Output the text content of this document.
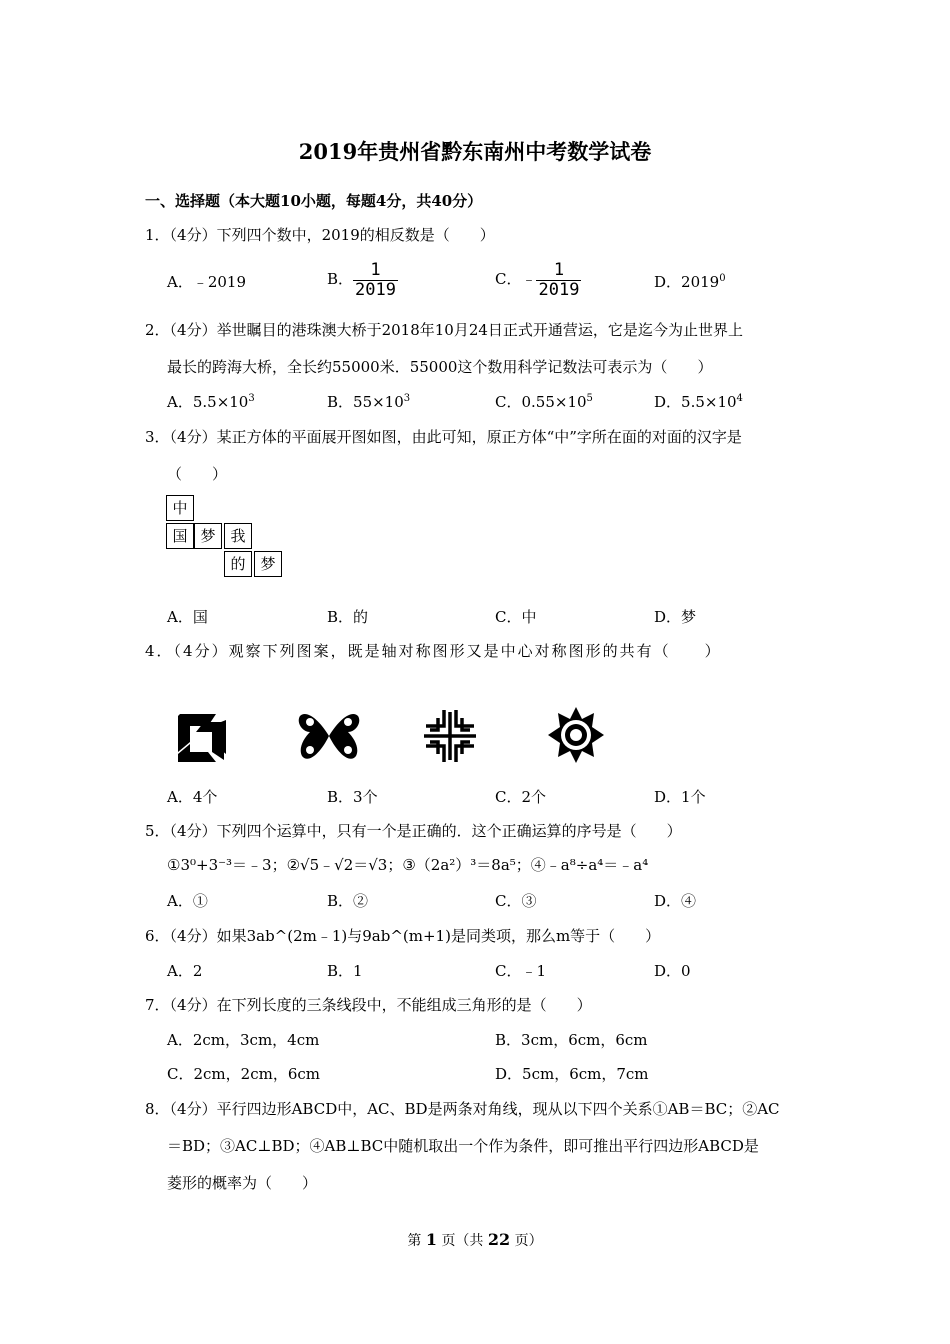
2019年贵州省黔东南州中考数学试卷
一、选择题（本大题10小题，每题4分，共40分）
1．（4分）下列四个数中，2019的相反数是（　　）
A．﹣2019	B． $\frac{1}{2019}$	C．﹣ $\frac{1}{2019}$	D．2019$^0$
2．（4分）举世瞩目的港珠澳大桥于2018年10月24日正式开通营运，它是迄今为止世界上
最长的跨海大桥，全长约55000米．55000这个数用科学记数法可表示为（　　）
A．$5.5\times 10^3$	B．$55\times 10^3$	C．$0.55\times 10^5$	D．$5.5\times 10^4$
3．（4分）某正方体的平面展开图如图，由此可知，原正方体“中”字所在面的对面的汉字是
（　　）
中
国 梦 我
的 梦
A．国	B．的	C．中	D．梦
4．（4分）观察下列图案，既是轴对称图形又是中心对称图形的共有（　　）
A．4个	B．3个	C．2个	D．1个
5．（4分）下列四个运算中，只有一个是正确的．这个正确运算的序号是（　　）
①3⁰+3⁻³＝﹣3；②√5﹣√2＝√3；③（2a²）³＝8a⁵；④﹣a⁸÷a⁴＝﹣a⁴
A．①	B．②	C．③	D．④
6．（4分）如果3ab^(2m﹣1)与9ab^(m+1)是同类项，那么m等于（　　）
A．2	B．1	C．﹣1	D．0
7．（4分）在下列长度的三条线段中，不能组成三角形的是（　　）
A．2cm，3cm，4cm	B．3cm，6cm，6cm
C．2cm，2cm，6cm	D．5cm，6cm，7cm
8．（4分）平行四边形ABCD中，AC、BD是两条对角线，现从以下四个关系①AB＝BC；②AC
＝BD；③AC⊥BD；④AB⊥BC中随机取出一个作为条件，即可推出平行四边形ABCD是
菱形的概率为（　　）
第 1 页（共 22 页）
